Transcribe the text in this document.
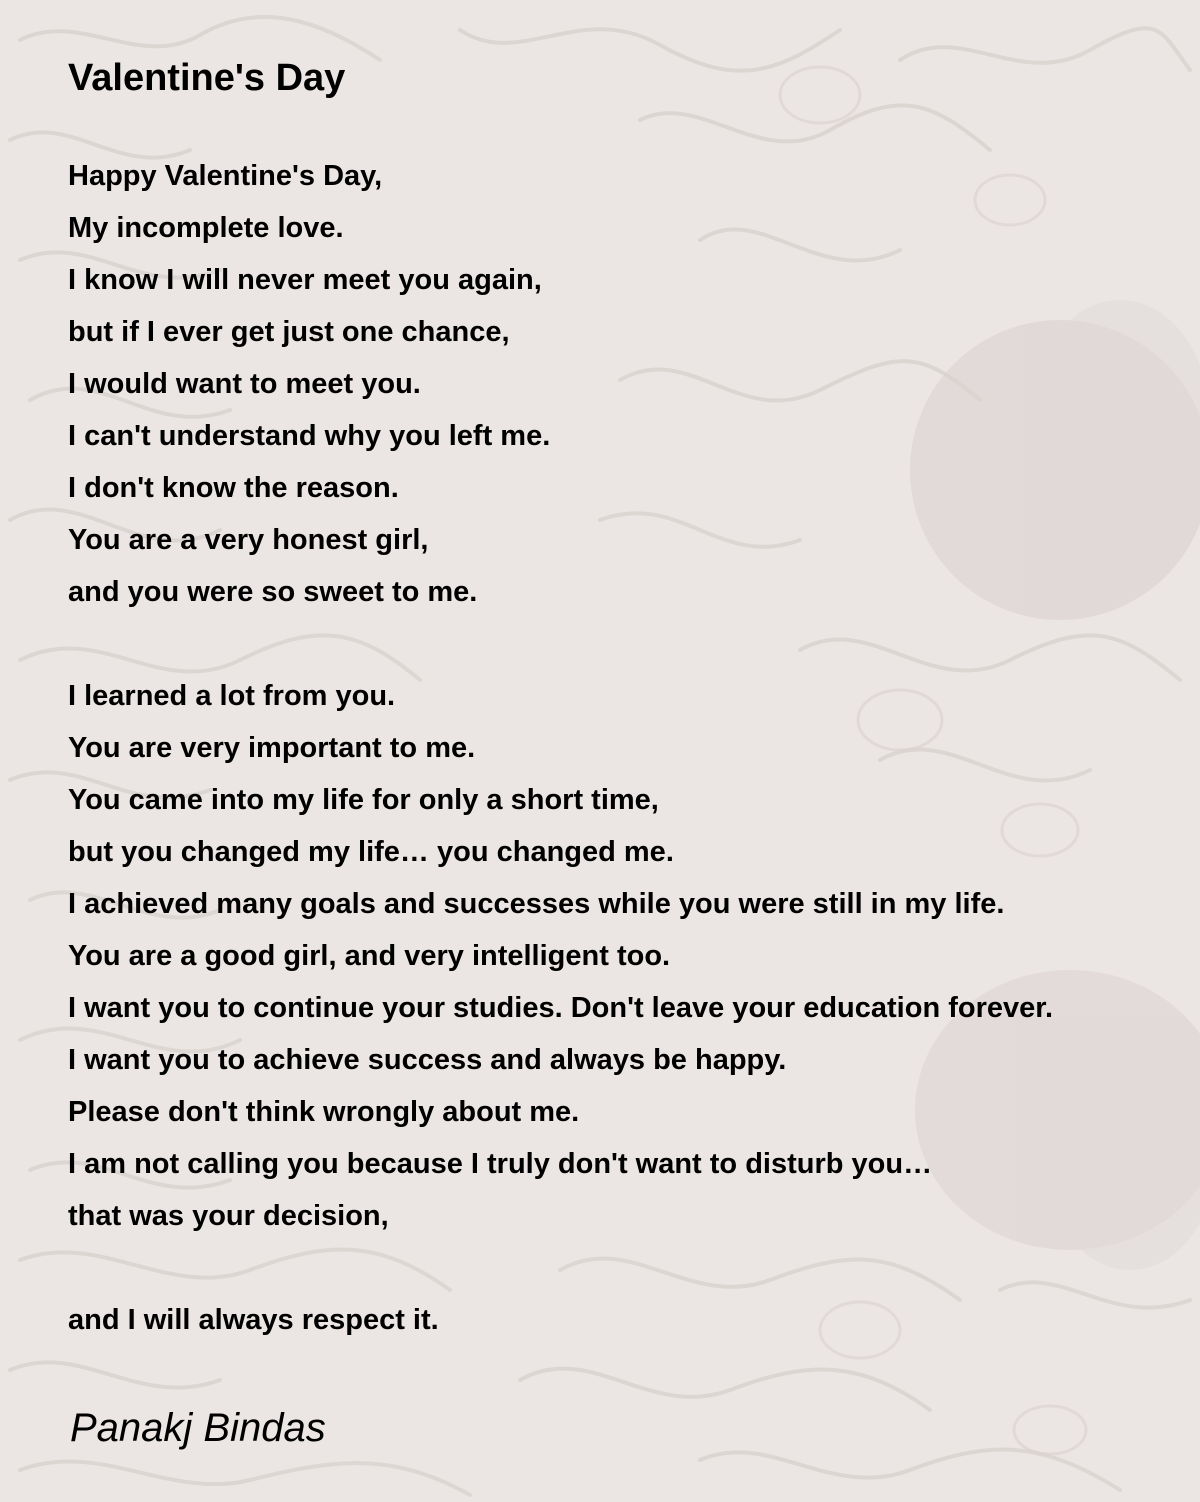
Valentine's Day
Happy Valentine's Day,
My incomplete love.
I know I will never meet you again,
but if I ever get just one chance,
I would want to meet you.
I can't understand why you left me.
I don't know the reason.
You are a very honest girl,
and you were so sweet to me.
I learned a lot from you.
You are very important to me.
You came into my life for only a short time,
but you changed my life… you changed me.
I achieved many goals and successes while you were still in my life.
You are a good girl, and very intelligent too.
I want you to continue your studies. Don't leave your education forever.
I want you to achieve success and always be happy.
Please don't think wrongly about me.
I am not calling you because I truly don't want to disturb you…
that was your decision,
and I will always respect it.

Panakj Bindas
